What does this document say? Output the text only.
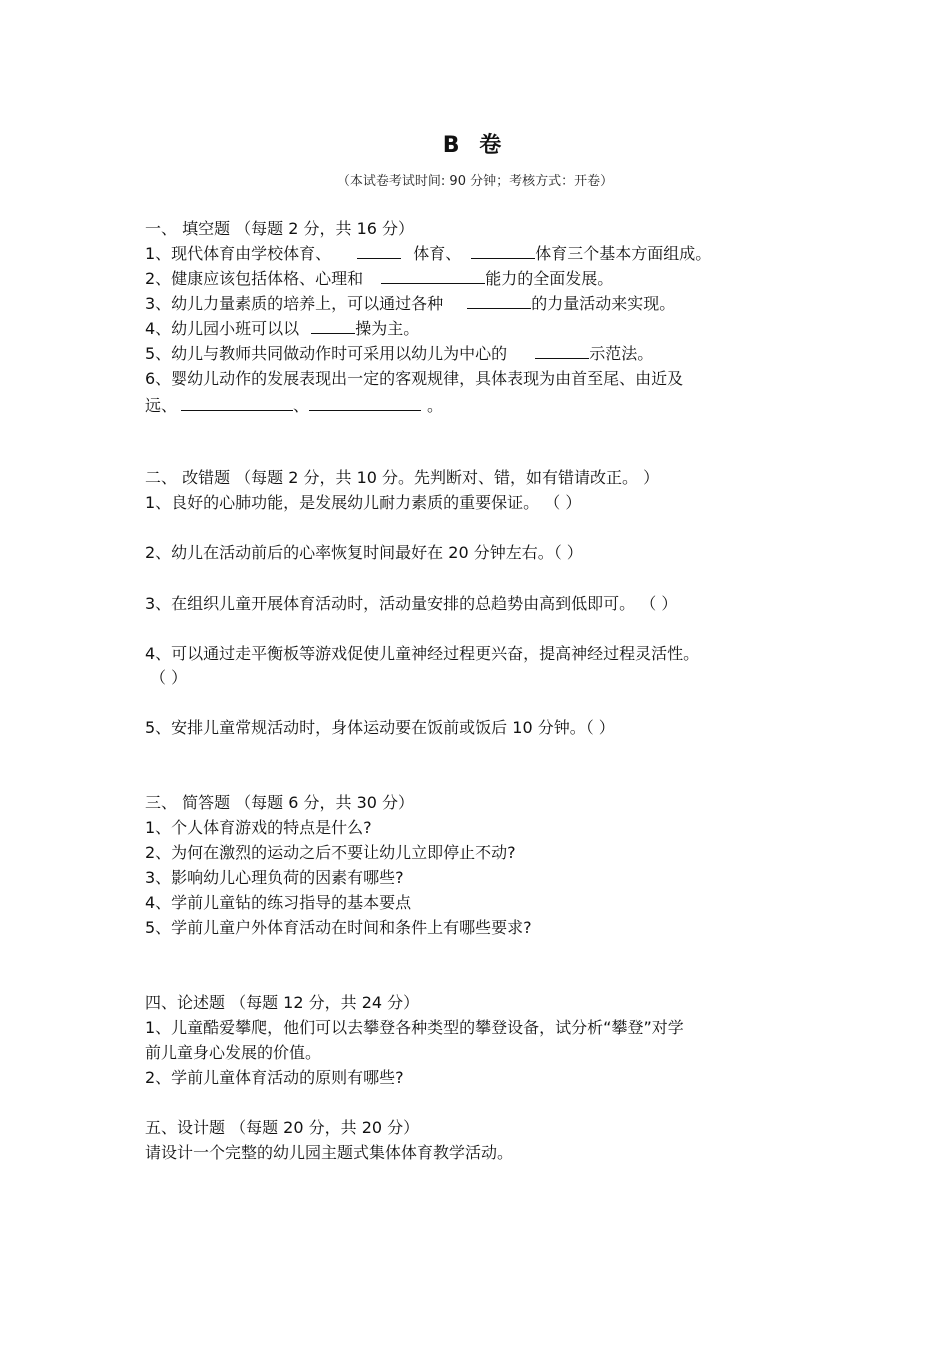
B 卷
（本试卷考试时间: 90 分钟；考核方式：开卷）
一、 填空题 （每题 2 分，共 16 分）
1、现代体育由学校体育、	体育、	体育三个基本方面组成。
2、健康应该包括体格、心理和	能力的全面发展。
3、幼儿力量素质的培养上，可以通过各种	的力量活动来实现。
4、幼儿园小班可以以	操为主。
5、幼儿与教师共同做动作时可采用以幼儿为中心的	示范法。
6、婴幼儿动作的发展表现出一定的客观规律，具体表现为由首至尾、由近及
远、	、	。
二、 改错题 （每题 2 分，共 10 分。先判断对、错，如有错请改正。 ）
1、良好的心肺功能，是发展幼儿耐力素质的重要保证。 （ ）
2、幼儿在活动前后的心率恢复时间最好在 20 分钟左右。（ ）
3、在组织儿童开展体育活动时，活动量安排的总趋势由高到低即可。 （ ）
4、可以通过走平衡板等游戏促使儿童神经过程更兴奋，提高神经过程灵活性。
（ ）
5、安排儿童常规活动时，身体运动要在饭前或饭后 10 分钟。（ ）
三、 简答题 （每题 6 分，共 30 分）
1、个人体育游戏的特点是什么?
2、为何在激烈的运动之后不要让幼儿立即停止不动?
3、影响幼儿心理负荷的因素有哪些?
4、学前儿童钻的练习指导的基本要点
5、学前儿童户外体育活动在时间和条件上有哪些要求?
四、论述题 （每题 12 分，共 24 分）
1、儿童酷爱攀爬，他们可以去攀登各种类型的攀登设备，试分析“攀登”对学
前儿童身心发展的价值。
2、学前儿童体育活动的原则有哪些?
五、设计题 （每题 20 分，共 20 分）
请设计一个完整的幼儿园主题式集体体育教学活动。
